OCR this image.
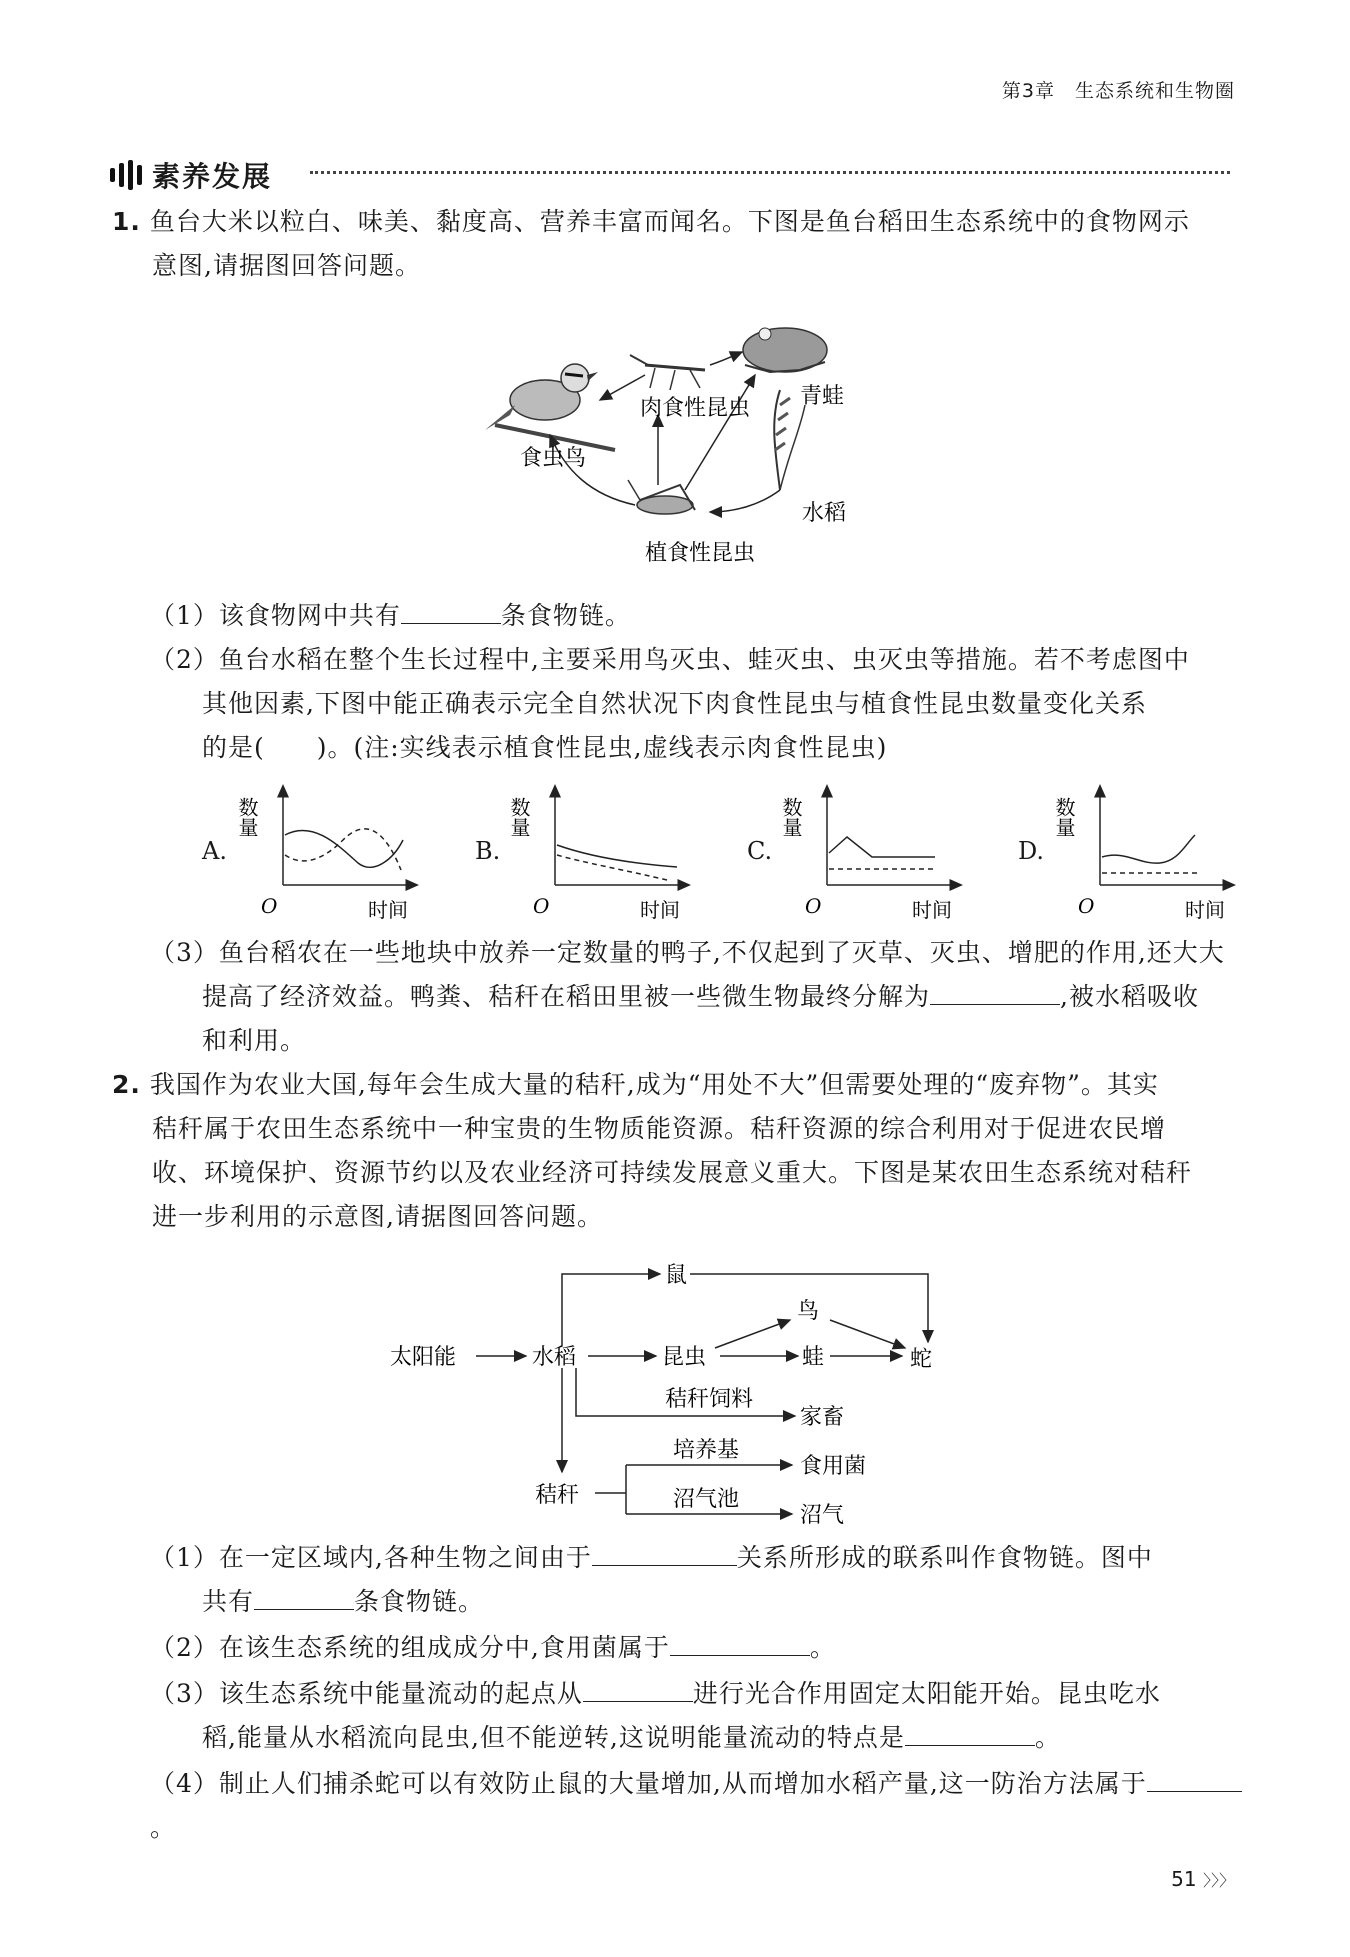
第3章　生态系统和生物圈
素养发展
1. 鱼台大米以粒白、味美、黏度高、营养丰富而闻名。下图是鱼台稻田生态系统中的食物网示
意图,请据图回答问题。
食虫鸟
肉食性昆虫 青蛙
水稻
植食性昆虫
（1）该食物网中共有	条食物链。
（2）鱼台水稻在整个生长过程中,主要采用鸟灭虫、蛙灭虫、虫灭虫等措施。若不考虑图中
其他因素,下图中能正确表示完全自然状况下肉食性昆虫与植食性昆虫数量变化关系
的是(　　)。(注:实线表示植食性昆虫,虚线表示肉食性昆虫)
A.
数量
O	时间
B.
数量
O	时间
C.
数量
O	时间
D.
数量
O	时间
（3）鱼台稻农在一些地块中放养一定数量的鸭子,不仅起到了灭草、灭虫、增肥的作用,还大大
提高了经济效益。鸭粪、秸秆在稻田里被一些微生物最终分解为	,被水稻吸收
和利用。
2. 我国作为农业大国,每年会生成大量的秸秆,成为“用处不大”但需要处理的“废弃物”。其实
秸秆属于农田生态系统中一种宝贵的生物质能资源。秸秆资源的综合利用对于促进农民增
收、环境保护、资源节约以及农业经济可持续发展意义重大。下图是某农田生态系统对秸秆
进一步利用的示意图,请据图回答问题。
太阳能	水稻
鼠
昆虫
鸟
蛙	蛇
秸秆饲料
家畜
秸秆
培养基
食用菌
沼气池
沼气
（1）在一定区域内,各种生物之间由于	关系所形成的联系叫作食物链。图中
共有	条食物链。
（2）在该生态系统的组成成分中,食用菌属于	。
（3）该生态系统中能量流动的起点从	进行光合作用固定太阳能开始。昆虫吃水
稻,能量从水稻流向昆虫,但不能逆转,这说明能量流动的特点是	。
（4）制止人们捕杀蛇可以有效防止鼠的大量增加,从而增加水稻产量,这一防治方法属于。
51 〉〉〉
